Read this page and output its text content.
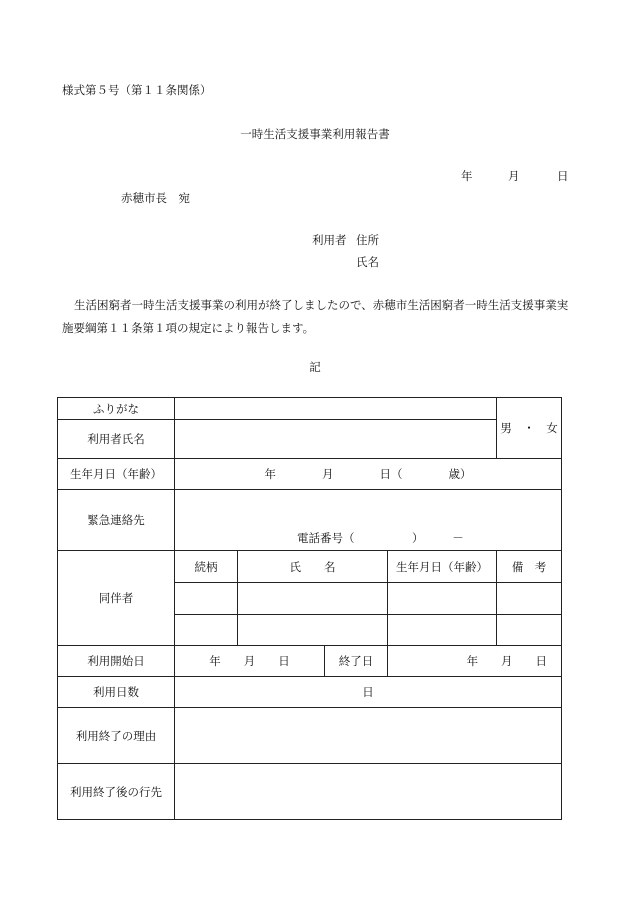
様式第５号（第１１条関係）
一時生活支援事業利用報告書
年	月	日
赤穂市長　宛
利用者 住所
氏名
生活困窮者一時生活支援事業の利用が終了しましたので、赤穂市生活困窮者一時生活支援事業実施要綱第１１条第１項の規定により報告します。
記
ふりがな					男　・　女
利用者氏名					
生年月日（年齢）	年　　　　月　　　　日（　　　　歳）				
緊急連絡先	電話番号（　　　　　）　　　－				

同伴者	続柄	氏　　名		生年月日（年齢）	備　考

利用開始日	年　　月　　日		終了日	年　　月　　日	
利用日数	日				
利用終了の理由					
利用終了後の行先					
